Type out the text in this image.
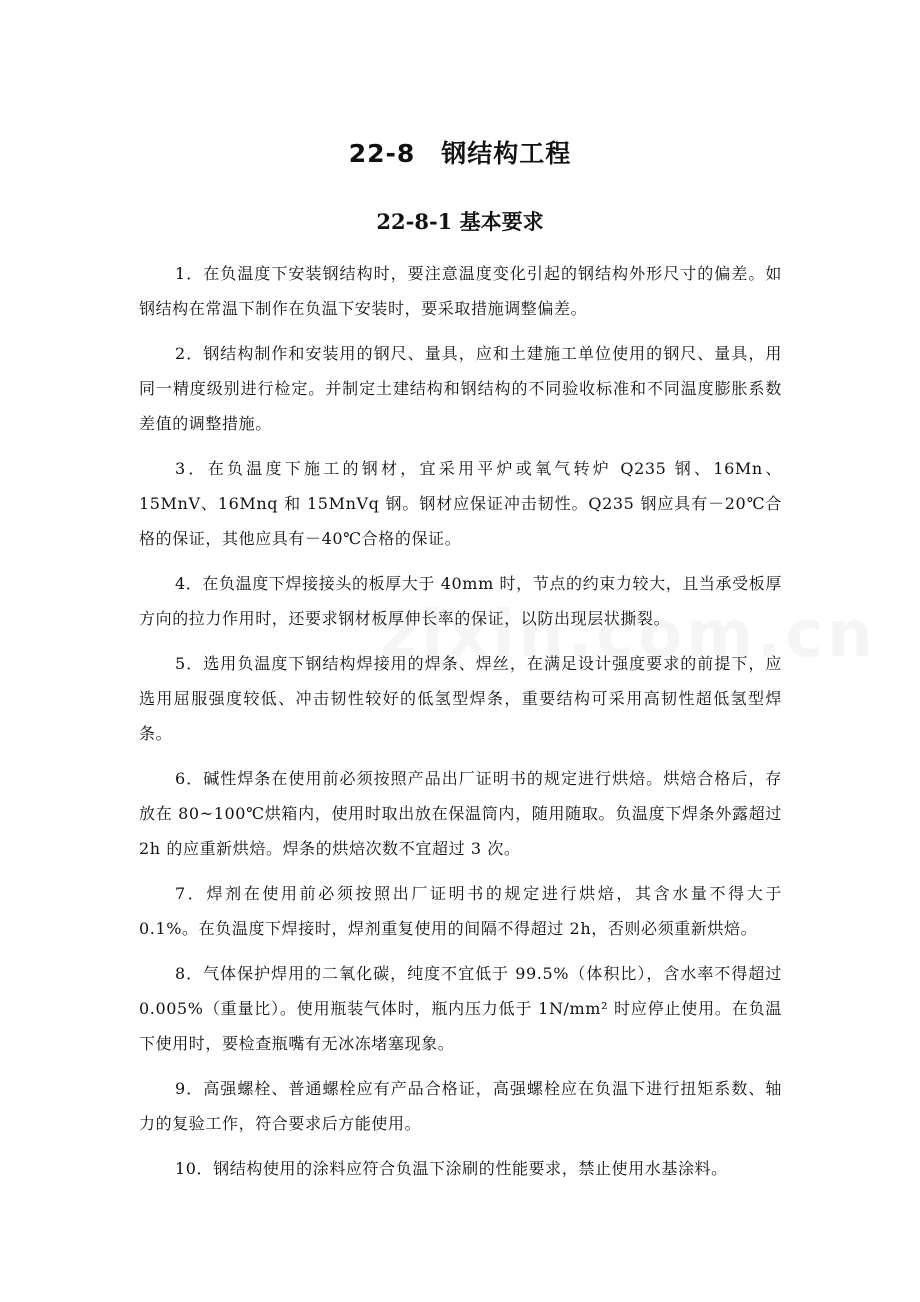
22-8　钢结构工程
22-8-1 基本要求

1．在负温度下安装钢结构时，要注意温度变化引起的钢结构外形尺寸的偏差。如钢结构在常温下制作在负温下安装时，要采取措施调整偏差。

2．钢结构制作和安装用的钢尺、量具，应和土建施工单位使用的钢尺、量具，用同一精度级别进行检定。并制定土建结构和钢结构的不同验收标准和不同温度膨胀系数差值的调整措施。

3．在负温度下施工的钢材，宜采用平炉或氧气转炉 Q235 钢、16Mn、15MnV、16Mnq 和 15MnVq 钢。钢材应保证冲击韧性。Q235 钢应具有－20℃合格的保证，其他应具有－40℃合格的保证。

4．在负温度下焊接接头的板厚大于 40mm 时，节点的约束力较大，且当承受板厚方向的拉力作用时，还要求钢材板厚伸长率的保证，以防出现层状撕裂。

5．选用负温度下钢结构焊接用的焊条、焊丝，在满足设计强度要求的前提下，应选用屈服强度较低、冲击韧性较好的低氢型焊条，重要结构可采用高韧性超低氢型焊条。

6．碱性焊条在使用前必须按照产品出厂证明书的规定进行烘焙。烘焙合格后，存放在 80~100℃烘箱内，使用时取出放在保温筒内，随用随取。负温度下焊条外露超过 2h 的应重新烘焙。焊条的烘焙次数不宜超过 3 次。

7．焊剂在使用前必须按照出厂证明书的规定进行烘焙，其含水量不得大于 0.1%。在负温度下焊接时，焊剂重复使用的间隔不得超过 2h，否则必须重新烘焙。

8．气体保护焊用的二氧化碳，纯度不宜低于 99.5%（体积比），含水率不得超过 0.005%（重量比）。使用瓶装气体时，瓶内压力低于 1N/mm² 时应停止使用。在负温下使用时，要检查瓶嘴有无冰冻堵塞现象。

9．高强螺栓、普通螺栓应有产品合格证，高强螺栓应在负温下进行扭矩系数、轴力的复验工作，符合要求后方能使用。

10．钢结构使用的涂料应符合负温下涂刷的性能要求，禁止使用水基涂料。
